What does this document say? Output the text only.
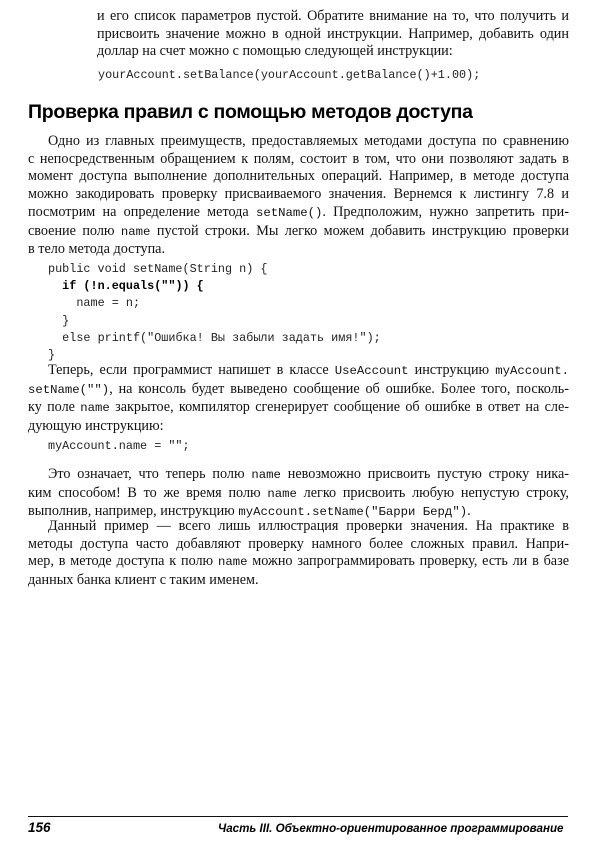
и его список параметров пустой. Обратите внимание на то, что получить и
присвоить значение можно в одной инструкции. Например, добавить один
доллар на счет можно с помощью следующей инструкции:

yourAccount.setBalance(yourAccount.getBalance()+1.00);
Проверка правил с помощью методов доступа

Одно из главных преимуществ, предоставляемых методами доступа по сравнению
с непосредственным обращением к полям, состоит в том, что они позволяют задать в
момент доступа выполнение дополнительных операций. Например, в методе доступа
можно закодировать проверку присваиваемого значения. Вернемся к листингу 7.8 и
посмотрим на определение метода setName(). Предположим, нужно запретить при-
своение полю name пустой строки. Мы легко можем добавить инструкцию проверки
в тело метода доступа.

public void setName(String n) {
if (!n.equals("")) {
name = n;
}
else printf("Ошибка! Вы забыли задать имя!");
}

Теперь, если программист напишет в классе UseAccount инструкцию myAccount.
setName(""), на консоль будет выведено сообщение об ошибке. Более того, посколь-
ку поле name закрытое, компилятор сгенерирует сообщение об ошибке в ответ на сле-
дующую инструкцию:

myAccount.name = "";

Это означает, что теперь полю name невозможно присвоить пустую строку ника-
ким способом! В то же время полю name легко присвоить любую непустую строку,
выполнив, например, инструкцию myAccount.setName("Барри Берд").

Данный пример — всего лишь иллюстрация проверки значения. На практике в
методы доступа часто добавляют проверку намного более сложных правил. Напри-
мер, в методе доступа к полю name можно запрограммировать проверку, есть ли в базе
данных банка клиент с таким именем.

156	Часть III. Объектно-ориентированное программирование
